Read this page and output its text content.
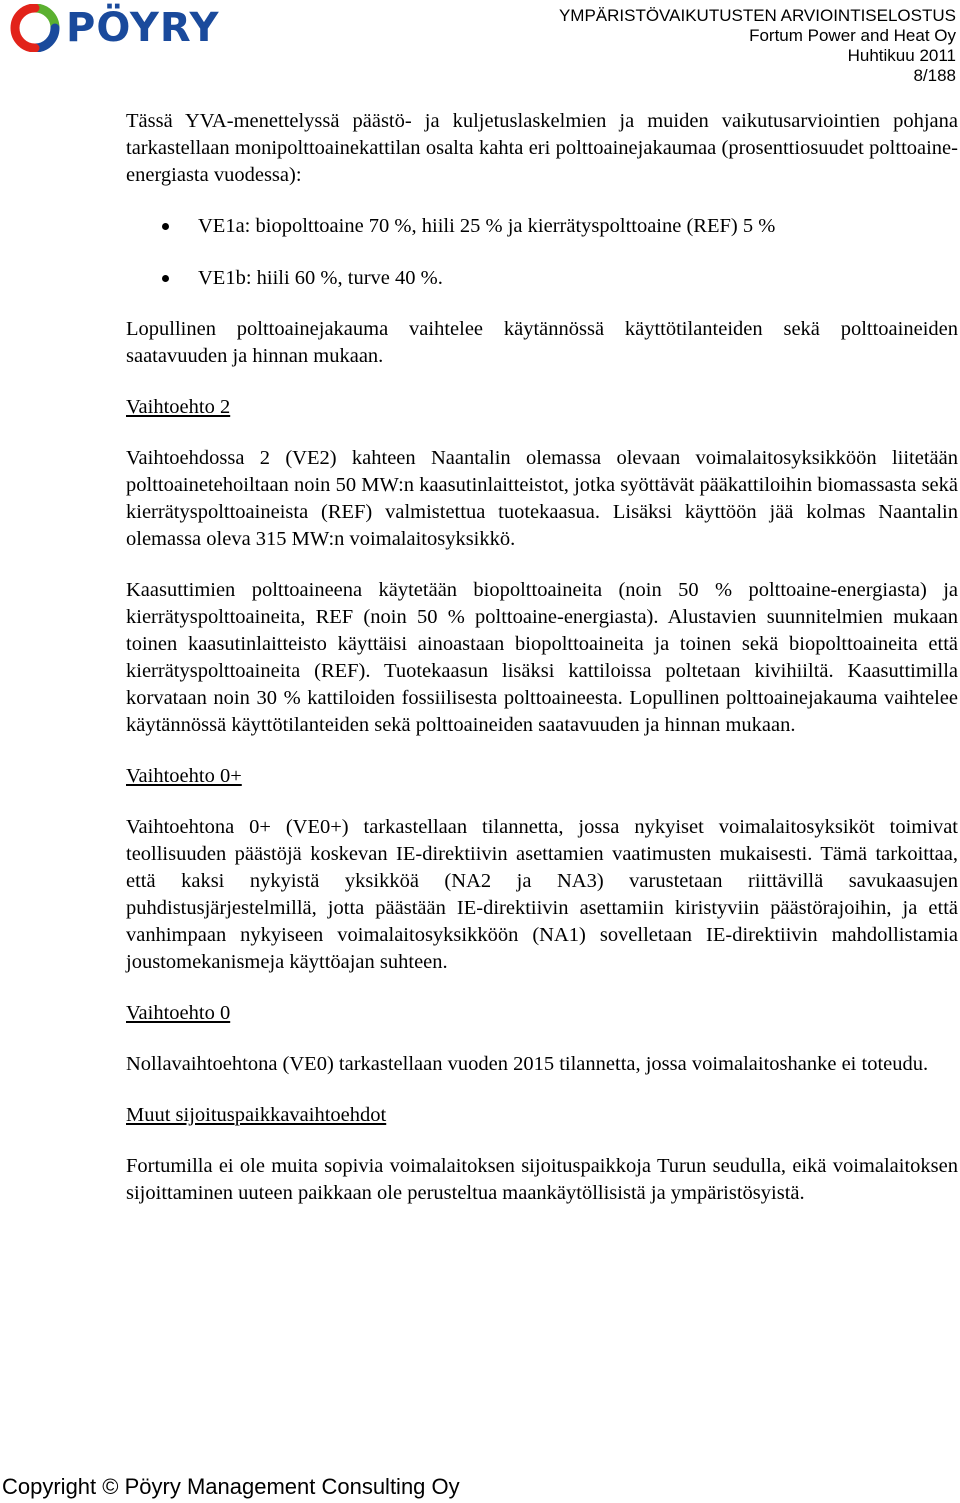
PÖYRY	YMPÄRISTÖVAIKUTUSTEN ARVIOINTISELOSTUS
Fortum Power and Heat Oy
Huhtikuu 2011
8/188

Tässä YVA-menettelyssä päästö- ja kuljetuslaskelmien ja muiden vaikutusarviointien pohjana tarkastellaan monipolttoainekattilan osalta kahta eri polttoainejakaumaa (prosenttiosuudet polttoaine-energiasta vuodessa):

VE1a: biopolttoaine 70 %, hiili 25 % ja kierrätyspolttoaine (REF) 5 %
VE1b: hiili 60 %, turve 40 %.

Lopullinen polttoainejakauma vaihtelee käytännössä käyttötilanteiden sekä polttoaineiden saatavuuden ja hinnan mukaan.

Vaihtoehto 2

Vaihtoehdossa 2 (VE2) kahteen Naantalin olemassa olevaan voimalaitosyksikköön liitetään polttoainetehoiltaan noin 50 MW:n kaasutinlaitteistot, jotka syöttävät pääkattiloihin biomassasta sekä kierrätyspolttoaineista (REF) valmistettua tuotekaasua. Lisäksi käyttöön jää kolmas Naantalin olemassa oleva 315 MW:n voimalaitosyksikkö.

Kaasuttimien polttoaineena käytetään biopolttoaineita (noin 50 % polttoaine-energiasta) ja kierrätyspolttoaineita, REF (noin 50 % polttoaine-energiasta). Alustavien suunnitelmien mukaan toinen kaasutinlaitteisto käyttäisi ainoastaan biopolttoaineita ja toinen sekä biopolttoaineita että kierrätyspolttoaineita (REF). Tuotekaasun lisäksi kattiloissa poltetaan kivihiiltä. Kaasuttimilla korvataan noin 30 % kattiloiden fossiilisesta polttoaineesta. Lopullinen polttoainejakauma vaihtelee käytännössä käyttötilanteiden sekä polttoaineiden saatavuuden ja hinnan mukaan.

Vaihtoehto 0+

Vaihtoehtona 0+ (VE0+) tarkastellaan tilannetta, jossa nykyiset voimalaitosyksiköt toimivat teollisuuden päästöjä koskevan IE-direktiivin asettamien vaatimusten mukaisesti. Tämä tarkoittaa, että kaksi nykyistä yksikköä (NA2 ja NA3) varustetaan riittävillä savukaasujen puhdistusjärjestelmillä, jotta päästään IE-direktiivin asettamiin kiristyviin päästörajoihin, ja että vanhimpaan nykyiseen voimalaitosyksikköön (NA1) sovelletaan IE-direktiivin mahdollistamia joustomekanismeja käyttöajan suhteen.

Vaihtoehto 0

Nollavaihtoehtona (VE0) tarkastellaan vuoden 2015 tilannetta, jossa voimalaitoshanke ei toteudu.

Muut sijoituspaikkavaihtoehdot

Fortumilla ei ole muita sopivia voimalaitoksen sijoituspaikkoja Turun seudulla, eikä voimalaitoksen sijoittaminen uuteen paikkaan ole perusteltua maankäytöllisistä ja ympäristösyistä.

Copyright © Pöyry Management Consulting Oy
